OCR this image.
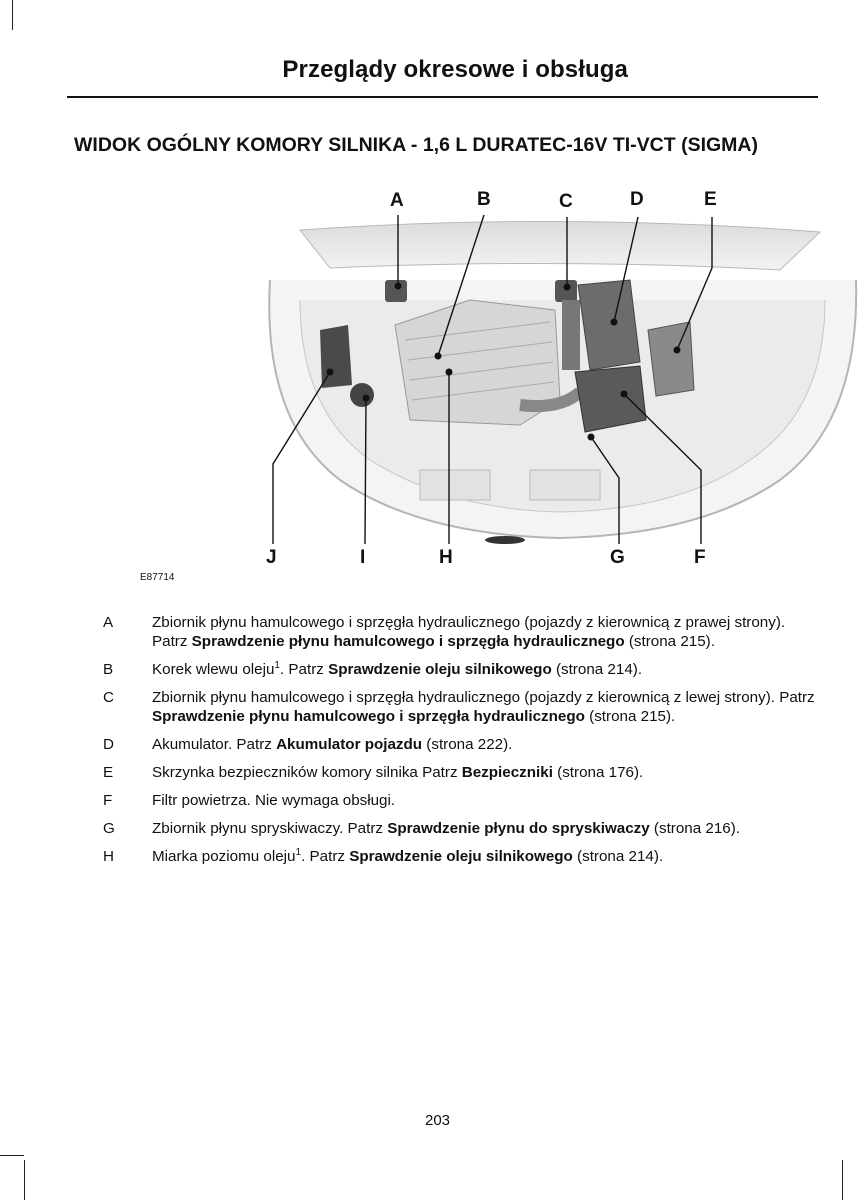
Przeglądy okresowe i obsługa
WIDOK OGÓLNY KOMORY SILNIKA - 1,6 L DURATEC-16V TI-VCT (SIGMA)
A	B	C	D	E
J	I	H	G	F
E87714
A	Zbiornik płynu hamulcowego i sprzęgła hydraulicznego (pojazdy z kierownicą z prawej strony). Patrz Sprawdzenie płynu hamulcowego i sprzęgła hydraulicznego (strona 215).
B	Korek wlewu oleju$^1$. Patrz Sprawdzenie oleju silnikowego (strona 214).
C	Zbiornik płynu hamulcowego i sprzęgła hydraulicznego (pojazdy z kierownicą z lewej strony). Patrz Sprawdzenie płynu hamulcowego i sprzęgła hydraulicznego (strona 215).
D	Akumulator. Patrz Akumulator pojazdu (strona 222).
E	Skrzynka bezpieczników komory silnika Patrz Bezpieczniki (strona 176).
F	Filtr powietrza. Nie wymaga obsługi.
G	Zbiornik płynu spryskiwaczy. Patrz Sprawdzenie płynu do spryskiwaczy (strona 216).
H	Miarka poziomu oleju$^1$. Patrz Sprawdzenie oleju silnikowego (strona 214).
203
